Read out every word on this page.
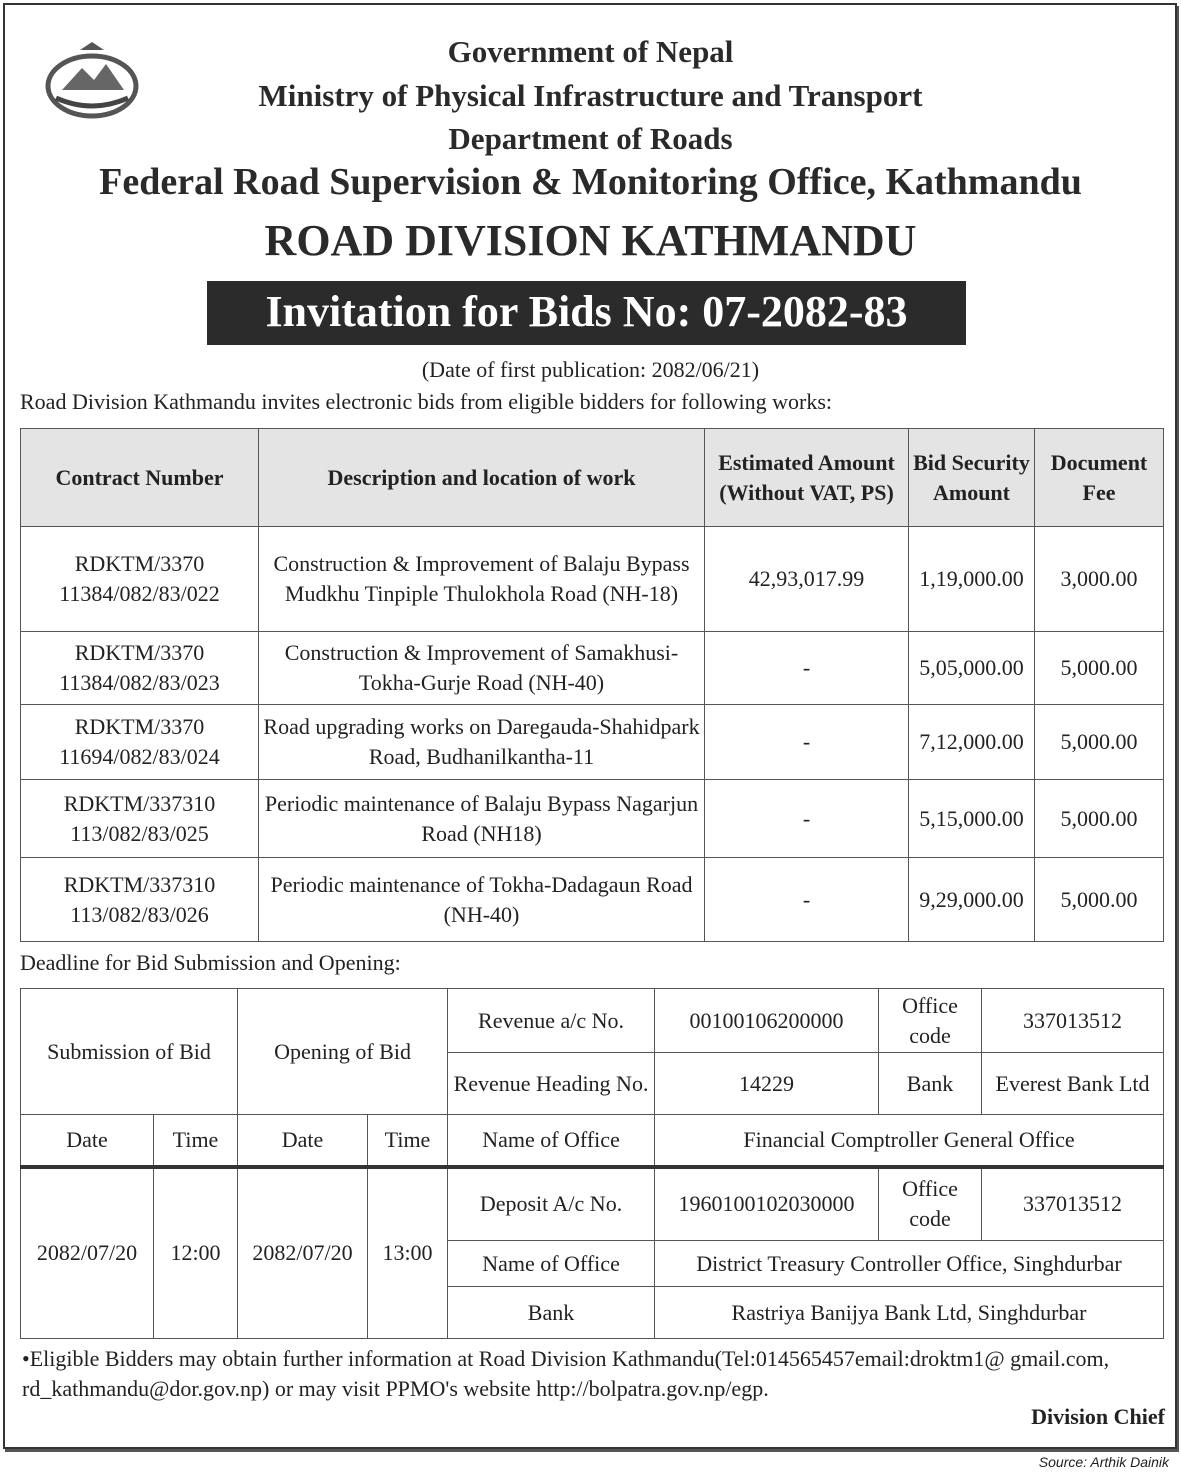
Government of Nepal
Ministry of Physical Infrastructure and Transport
Department of Roads
Federal Road Supervision & Monitoring Office, Kathmandu
ROAD DIVISION KATHMANDU
Invitation for Bids No: 07-2082-83
(Date of first publication: 2082/06/21)
Road Division Kathmandu invites electronic bids from eligible bidders for following works:
Contract Number	Description and location of work	Estimated Amount (Without VAT, PS)	Bid Security Amount	Document Fee
RDKTM/3370 11384/082/83/022	Construction & Improvement of Balaju Bypass Mudkhu Tinpiple Thulokhola Road (NH-18)	42,93,017.99	1,19,000.00	3,000.00
RDKTM/3370 11384/082/83/023	Construction & Improvement of Samakhusi-Tokha-Gurje Road (NH-40)	-	5,05,000.00	5,000.00
RDKTM/3370 11694/082/83/024	Road upgrading works on Daregauda-Shahidpark Road, Budhanilkantha-11	-	7,12,000.00	5,000.00
RDKTM/337310 113/082/83/025	Periodic maintenance of Balaju Bypass Nagarjun Road (NH18)	-	5,15,000.00	5,000.00
RDKTM/337310 113/082/83/026	Periodic maintenance of Tokha-Dadagaun Road (NH-40)	-	9,29,000.00	5,000.00
Deadline for Bid Submission and Opening:
Submission of Bid		Opening of Bid		Revenue a/c No.	00100106200000	Office code	337013512
				Revenue Heading No.	14229	Bank	Everest Bank Ltd
Date	Time	Date	Time	Name of Office	Financial Comptroller General Office		
2082/07/20	12:00	2082/07/20	13:00	Deposit A/c No.	1960100102030000	Office code	337013512
				Name of Office	District Treasury Controller Office, Singhdurbar		
				Bank	Rastriya Banijya Bank Ltd, Singhdurbar		
•Eligible Bidders may obtain further information at Road Division Kathmandu(Tel:014565457email:droktm1@ gmail.com, rd_kathmandu@dor.gov.np) or may visit PPMO's website http://bolpatra.gov.np/egp.
Division Chief
Source: Arthik Dainik
